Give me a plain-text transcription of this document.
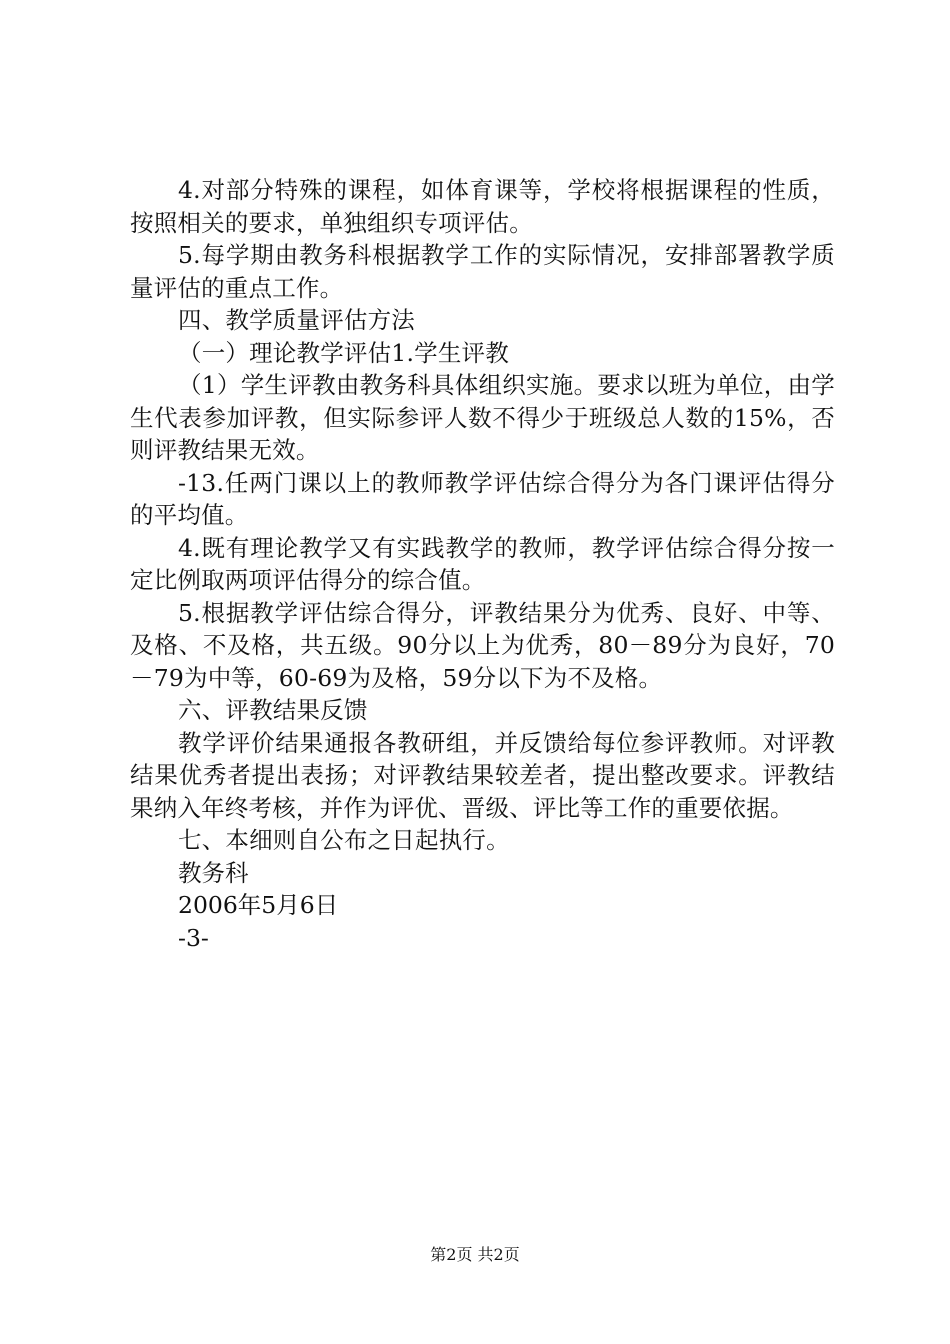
4.对部分特殊的课程，如体育课等，学校将根据课程的性质，按照相关的要求，单独组织专项评估。

5.每学期由教务科根据教学工作的实际情况，安排部署教学质量评估的重点工作。

四、教学质量评估方法

（一）理论教学评估1.学生评教

（1）学生评教由教务科具体组织实施。要求以班为单位，由学生代表参加评教，但实际参评人数不得少于班级总人数的15%，否则评教结果无效。

-13.任两门课以上的教师教学评估综合得分为各门课评估得分的平均值。

4.既有理论教学又有实践教学的教师，教学评估综合得分按一定比例取两项评估得分的综合值。

5.根据教学评估综合得分，评教结果分为优秀、良好、中等、及格、不及格，共五级。90分以上为优秀，80－89分为良好，70－79为中等，60-69为及格，59分以下为不及格。

六、评教结果反馈

教学评价结果通报各教研组，并反馈给每位参评教师。对评教结果优秀者提出表扬；对评教结果较差者，提出整改要求。评教结果纳入年终考核，并作为评优、晋级、评比等工作的重要依据。

七、本细则自公布之日起执行。

教务科

2006年5月6日

-3-

第2页 共2页
